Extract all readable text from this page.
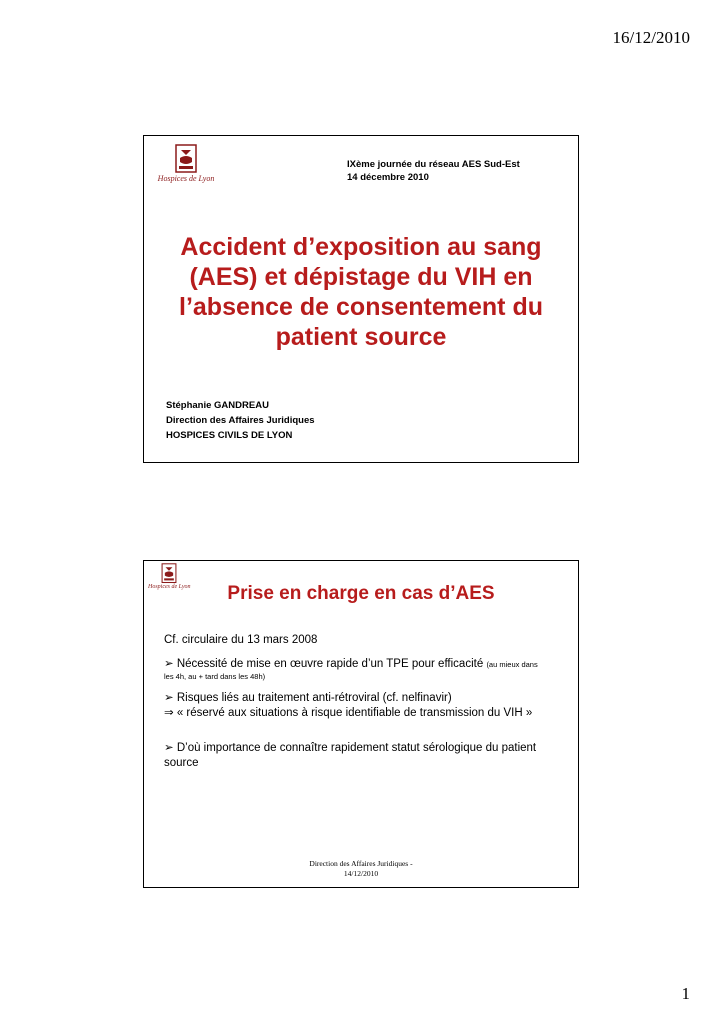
16/12/2010
Hospices de Lyon
IXème journée du réseau AES Sud-Est
14 décembre 2010
Accident d’exposition au sang
(AES) et dépistage du VIH en
l’absence de consentement du
patient source
Stéphanie GANDREAU
Direction des Affaires Juridiques
HOSPICES CIVILS DE LYON
Hospices de Lyon	Prise en charge en cas d’AES

Cf. circulaire du 13 mars 2008

➢ Nécessité de mise en œuvre rapide d’un TPE pour efficacité (au mieux dans

les 4h, au + tard dans les 48h)

➢ Risques liés au traitement anti-rétroviral (cf. nelfinavir)

⇒ « réservé aux situations à risque identifiable de transmission du VIH »

➢ D’où importance de connaître rapidement statut sérologique du patient

source

Direction des Affaires Juridiques -
14/12/2010
1
